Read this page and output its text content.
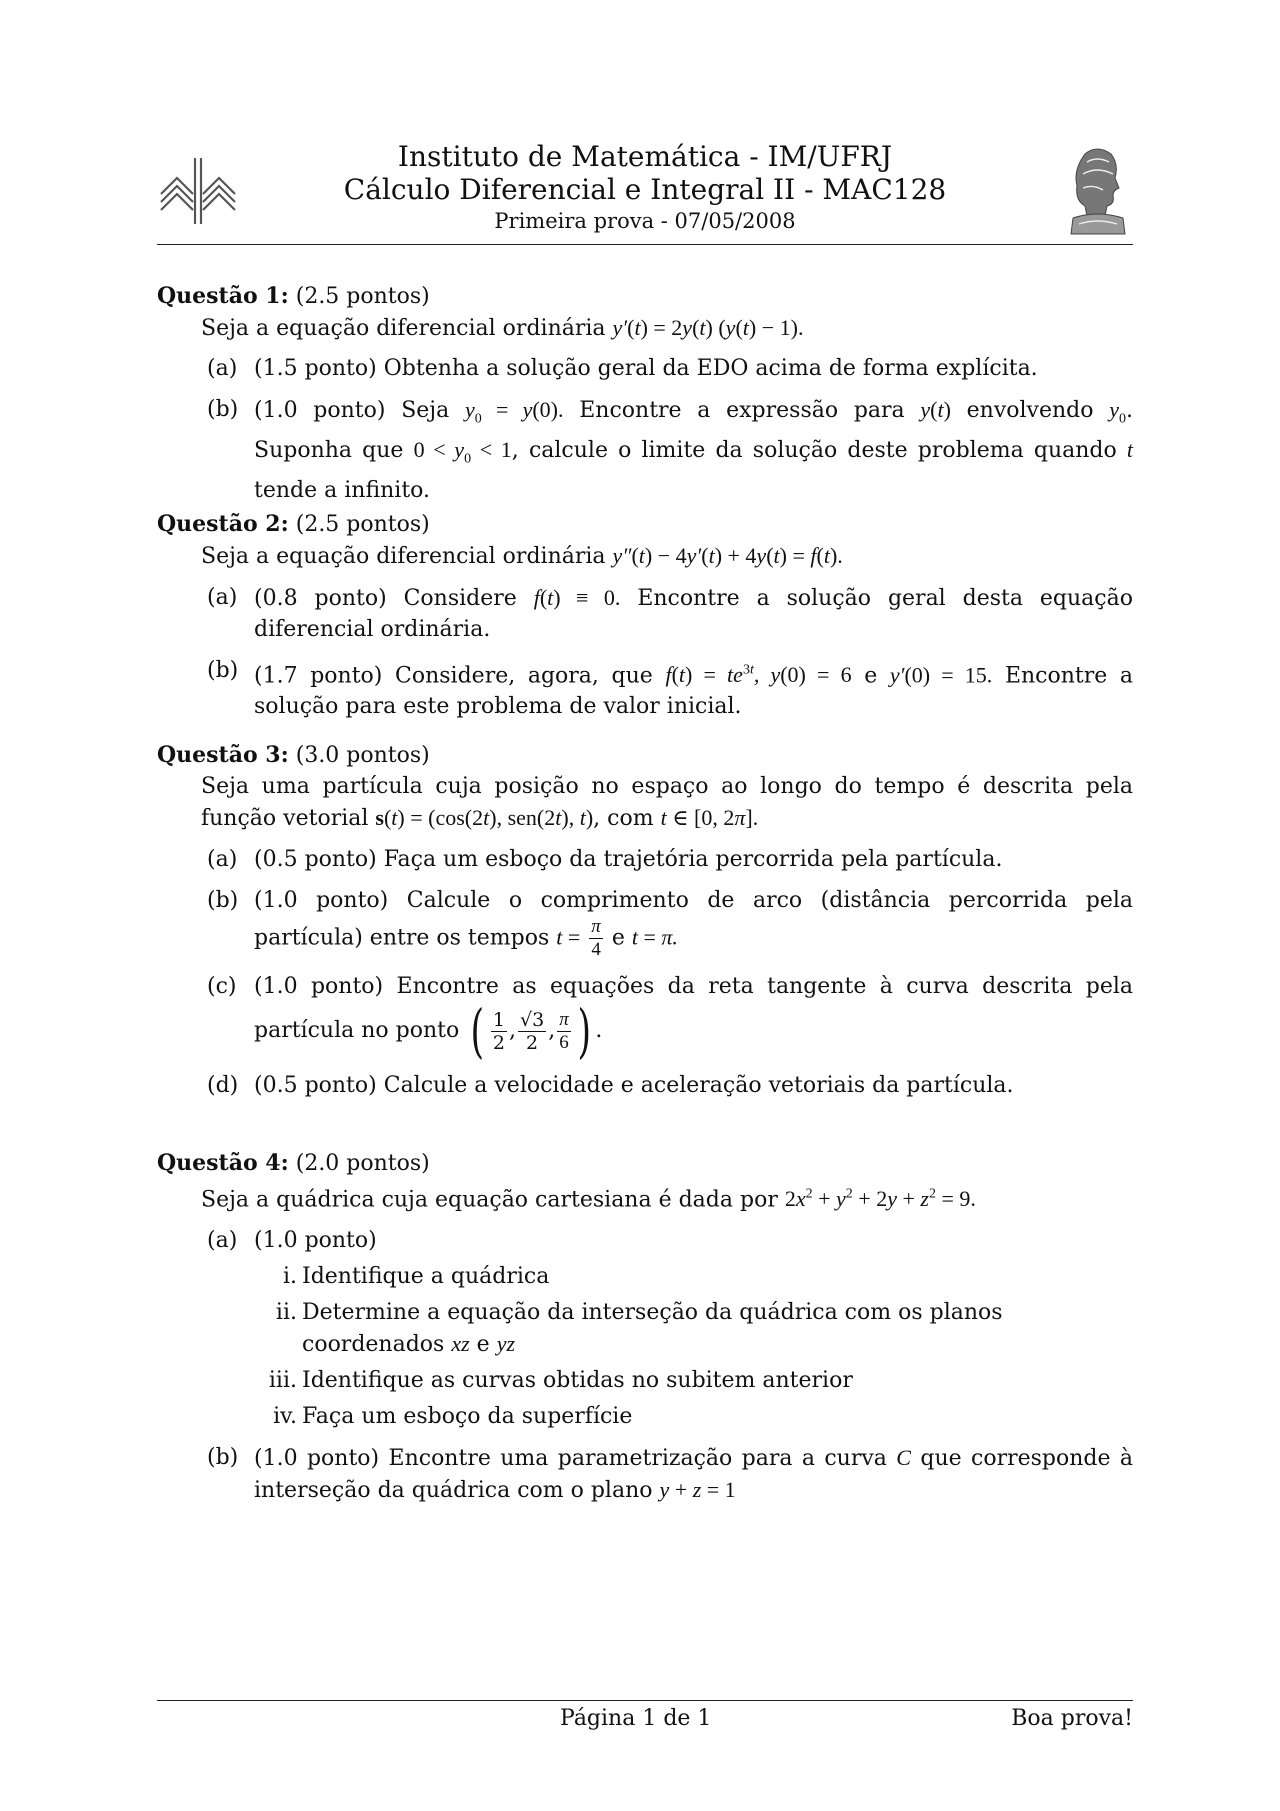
Instituto de Matemática - IM/UFRJ
Cálculo Diferencial e Integral II - MAC128
Primeira prova - 07/05/2008
Questão 1: (2.5 pontos)
Seja a equação diferencial ordinária y′(t) = 2y(t) (y(t) − 1).
(a) (1.5 ponto) Obtenha a solução geral da EDO acima de forma explícita.
(b) (1.0 ponto) Seja $y_0 = y(0)$. Encontre a expressão para y(t) envolvendo $y_0$. Suponha que $0 < y_0 < 1$, calcule o limite da solução deste problema quando t tende a infinito.
Questão 2: (2.5 pontos)
Seja a equação diferencial ordinária y″(t) − 4y′(t) + 4y(t) = f(t).
(a) (0.8 ponto) Considere f(t) ≡ 0. Encontre a solução geral desta equação diferencial ordinária.
(b) (1.7 ponto) Considere, agora, que $f(t) = te^{3t}$, y(0) = 6 e y′(0) = 15. Encontre a solução para este problema de valor inicial.
Questão 3: (3.0 pontos)
Seja uma partícula cuja posição no espaço ao longo do tempo é descrita pela função vetorial s(t) = (cos(2t), sen(2t), t), com t ∈ [0, 2π].
(a) (0.5 ponto) Faça um esboço da trajetória percorrida pela partícula.
(b) (1.0 ponto) Calcule o comprimento de arco (distância percorrida pela partícula) entre os tempos $t = \frac{\pi}{4}$ e t = π.
(c) (1.0 ponto) Encontre as equações da reta tangente à curva descrita pela partícula no ponto ( $\frac{1}{2}$ , $\frac{√3}{2}$ , $\frac{\pi}{6}$ ) .
(d) (0.5 ponto) Calcule a velocidade e aceleração vetoriais da partícula.
Questão 4: (2.0 pontos)
Seja a quádrica cuja equação cartesiana é dada por $2x^2 + y^2 + 2y + z^2 = 9$.
(a) (1.0 ponto)
i. Identifique a quádrica
ii. Determine a equação da interseção da quádrica com os planos coordenados xz e yz
iii. Identifique as curvas obtidas no subitem anterior
iv. Faça um esboço da superfície
(b) (1.0 ponto) Encontre uma parametrização para a curva C que corresponde à interseção da quádrica com o plano y + z = 1
Página 1 de 1	Boa prova!
